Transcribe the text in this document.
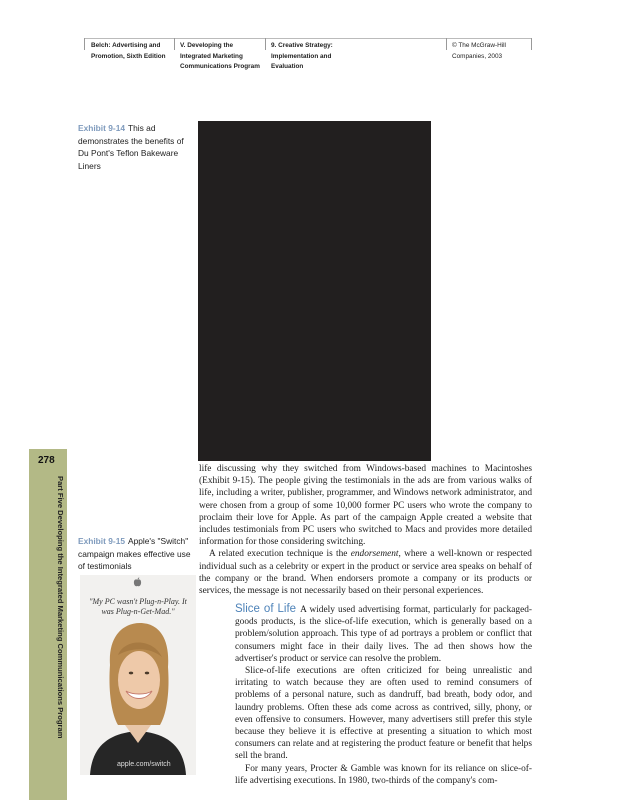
Belch: Advertising and
Promotion, Sixth Edition
V. Developing the
Integrated Marketing
Communications Program
9. Creative Strategy:
Implementation and
Evaluation
© The McGraw-Hill
Companies, 2003
Exhibit 9-14 This ad demonstrates the benefits of Du Pont's Teflon Bakeware Liners
278
Part Five Developing the Integrated Marketing Communications Program Exhibit 9-15 Apple's "Switch" campaign makes effective use of testimonials
"My PC wasn't Plug-n-Play. It was Plug-n-Get-Mad."
apple.com/switch

life discussing why they switched from Windows-based machines to Macintoshes (Exhibit 9-15). The people giving the testimonials in the ads are from various walks of life, including a writer, publisher, programmer, and Windows network administrator, and were chosen from a group of some 10,000 former PC users who wrote the company to proclaim their love for Apple. As part of the campaign Apple created a website that includes testimonials from PC users who switched to Macs and provides more detailed information for those considering switching.

A related execution technique is the endorsement, where a well-known or respected individual such as a celebrity or expert in the product or service area speaks on behalf of the company or the brand. When endorsers promote a company or its products or services, the message is not necessarily based on their personal experiences.

Slice of Life A widely used advertising format, particularly for packaged-goods products, is the slice-of-life execution, which is generally based on a problem/solution approach. This type of ad portrays a problem or conflict that consumers might face in their daily lives. The ad then shows how the advertiser's product or service can resolve the problem.

Slice-of-life executions are often criticized for being unrealistic and irritating to watch because they are often used to remind consumers of problems of a personal nature, such as dandruff, bad breath, body odor, and laundry problems. Often these ads come across as contrived, silly, phony, or even offensive to consumers. However, many advertisers still prefer this style because they believe it is effective at presenting a situation to which most consumers can relate and at registering the product feature or benefit that helps sell the brand.

For many years, Procter & Gamble was known for its reliance on slice-of-life advertising executions. In 1980, two-thirds of the company's com-
